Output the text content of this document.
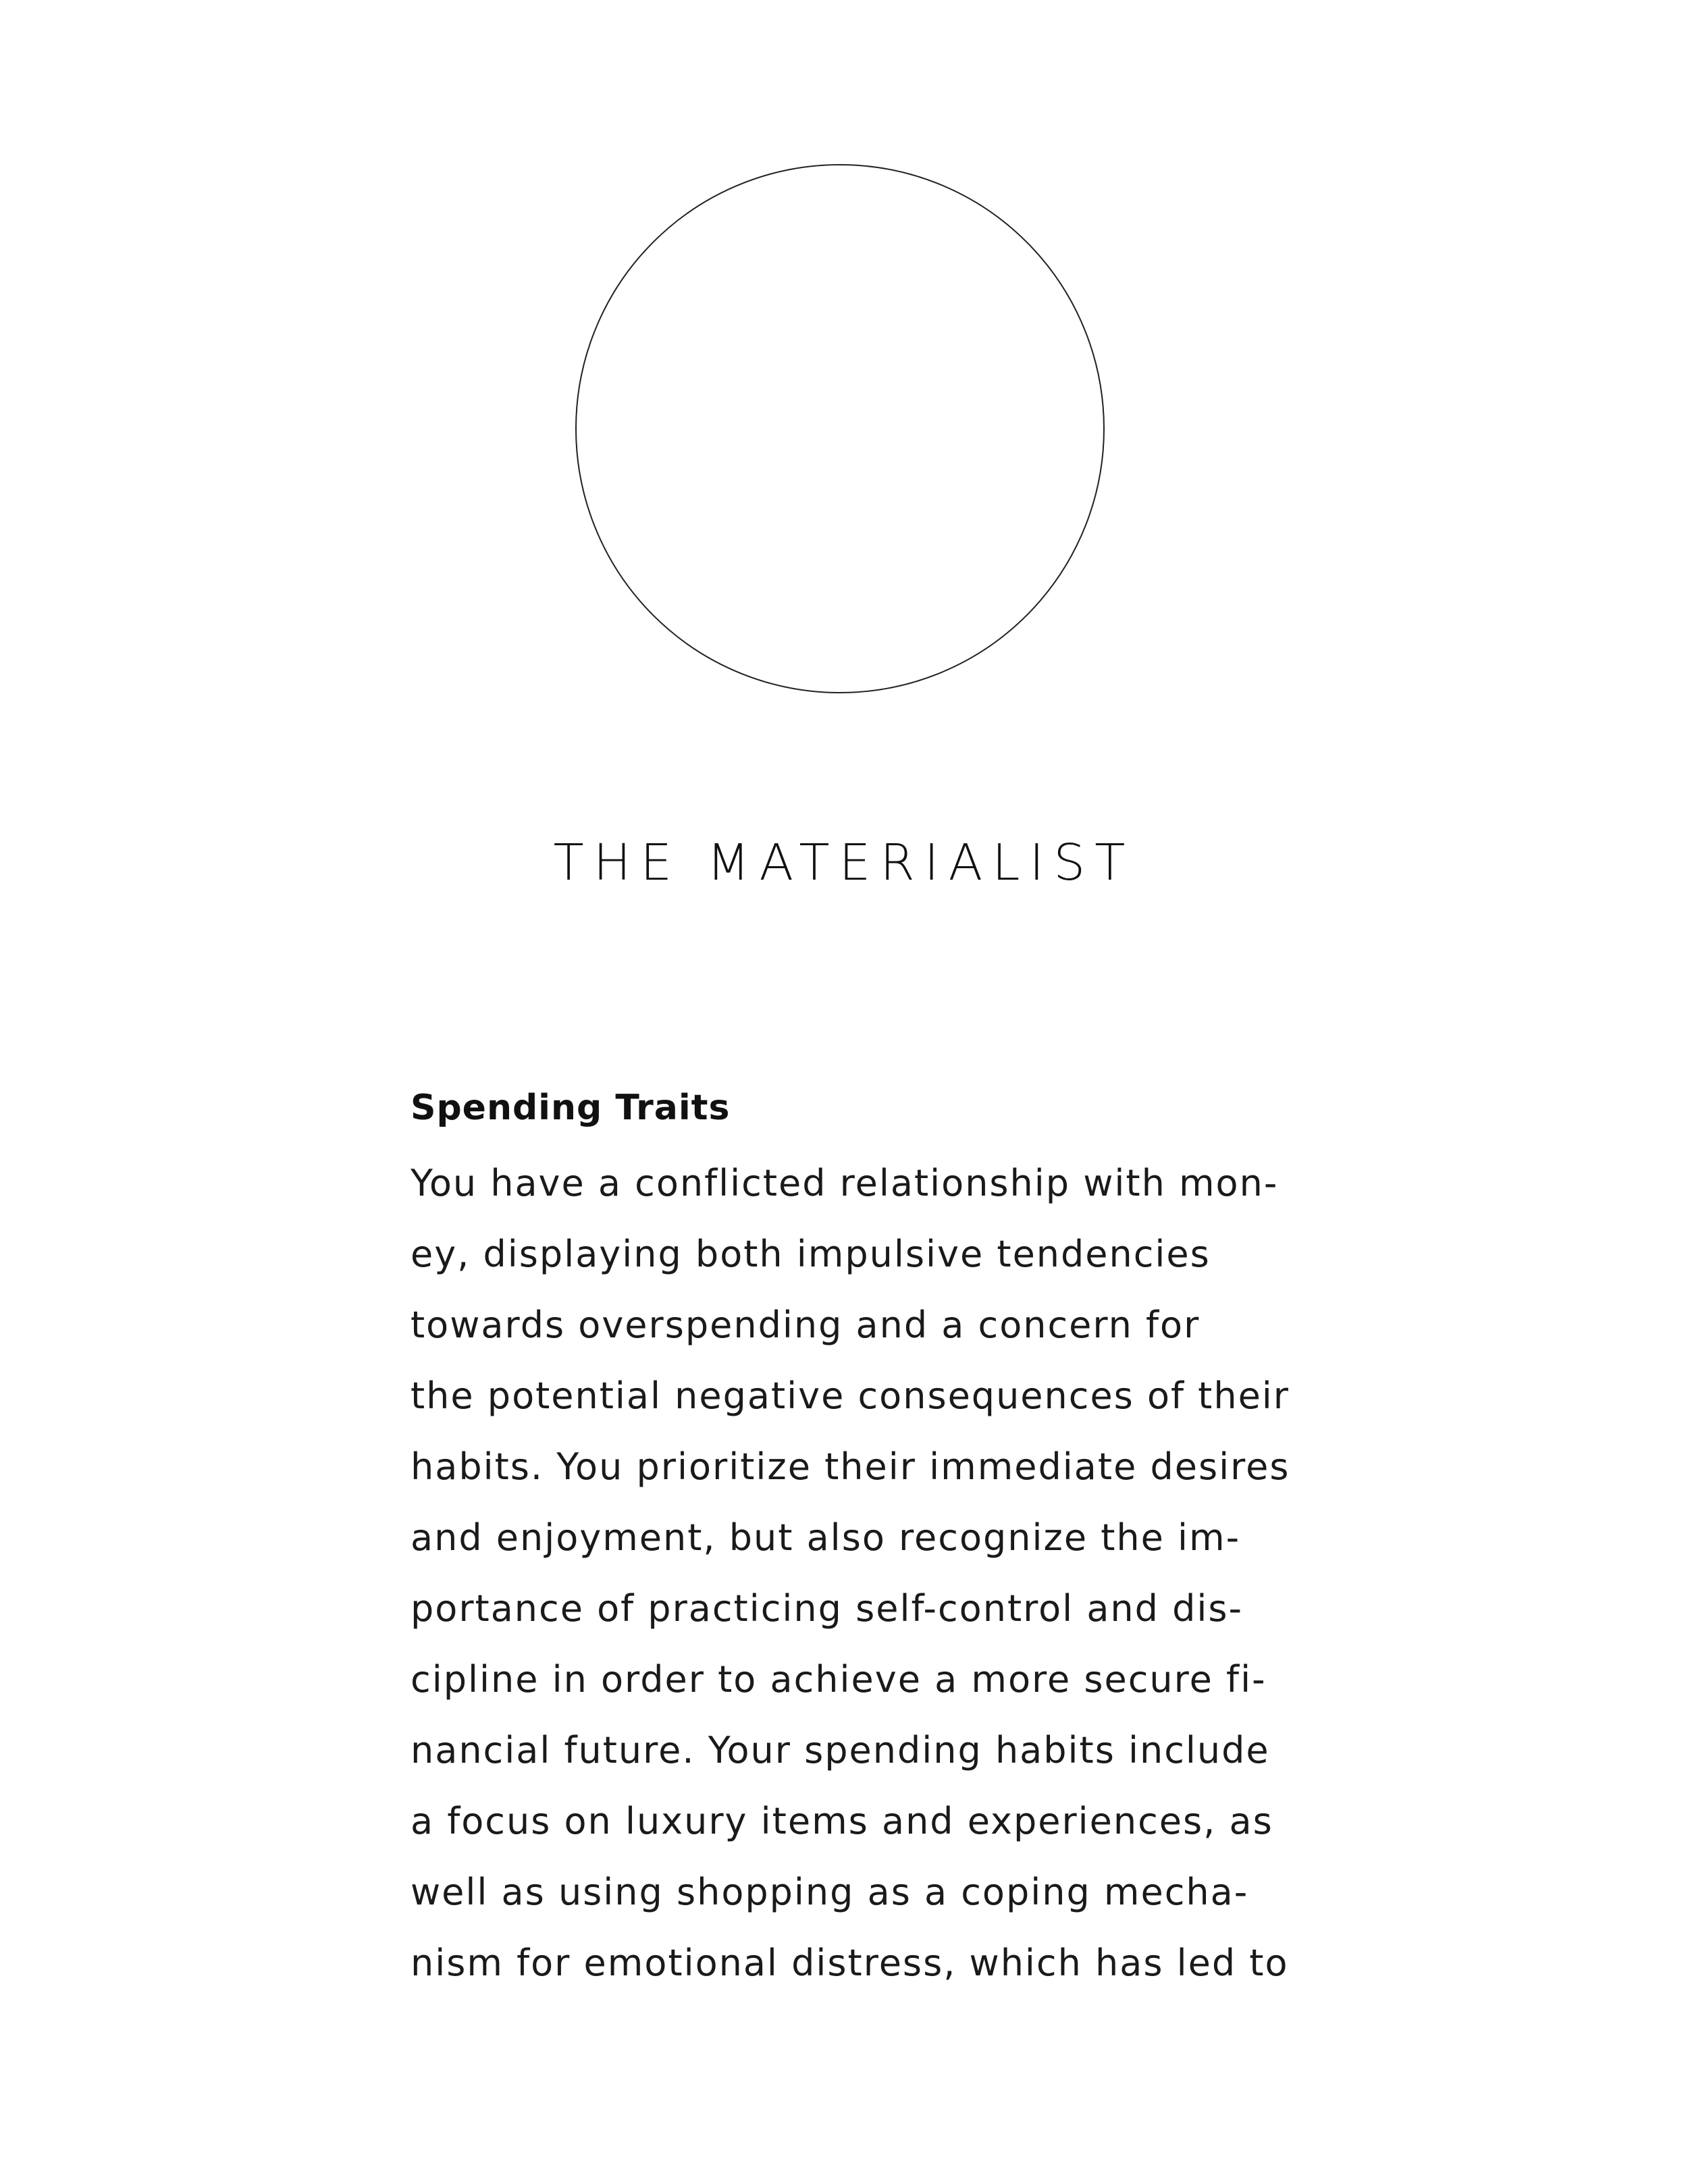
THE MATERIALIST
Spending Traits
You have a conflicted relationship with mon-
ey, displaying both impulsive tendencies
towards overspending and a concern for
the potential negative consequences of their
habits. You prioritize their immediate desires
and enjoyment, but also recognize the im-
portance of practicing self-control and dis-
cipline in order to achieve a more secure fi-
nancial future. Your spending habits include
a focus on luxury items and experiences, as
well as using shopping as a coping mecha-
nism for emotional distress, which has led to
